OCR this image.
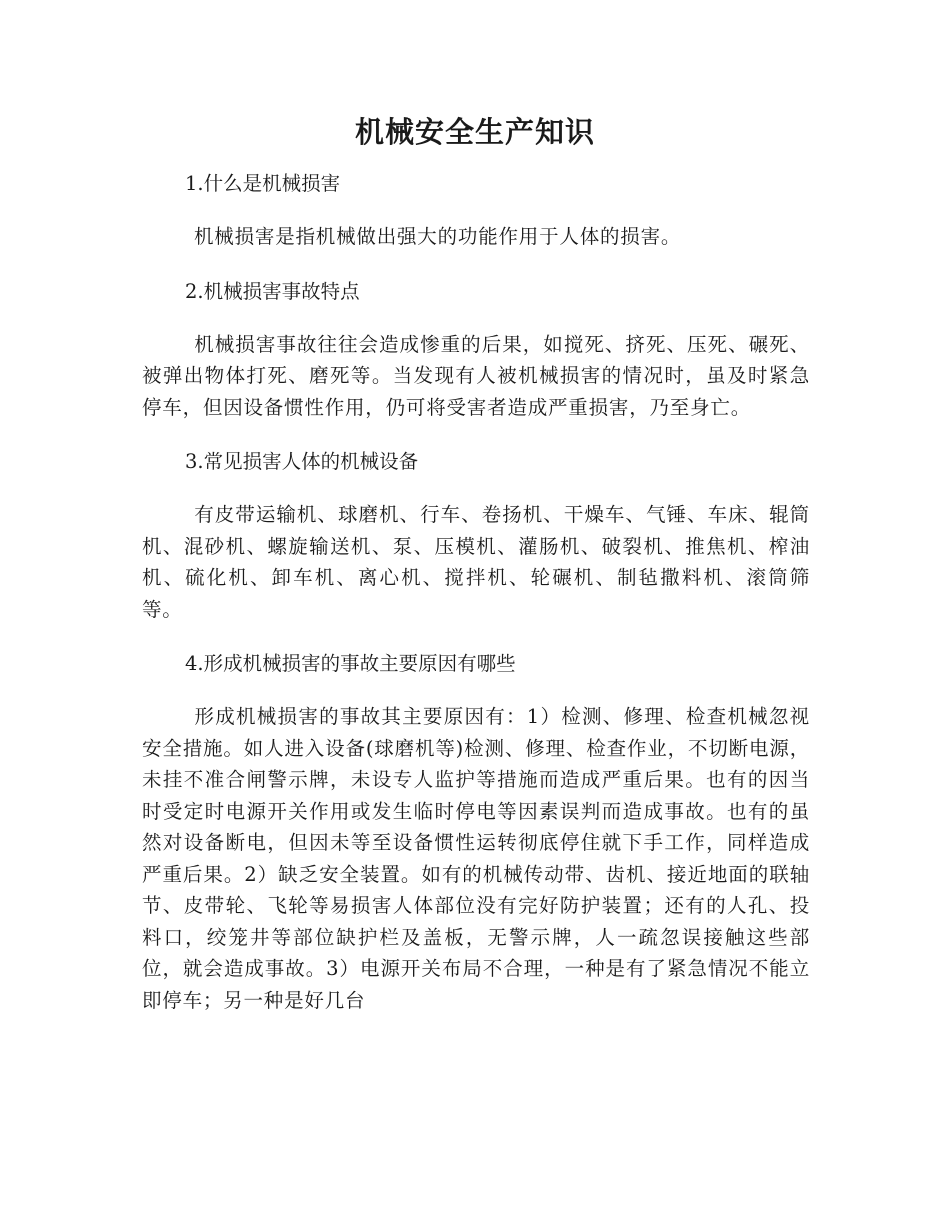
机械安全生产知识

1.什么是机械损害

机械损害是指机械做出强大的功能作用于人体的损害。

2.机械损害事故特点

机械损害事故往往会造成惨重的后果，如搅死、挤死、压死、碾死、被弹出物体打死、磨死等。当发现有人被机械损害的情况时，虽及时紧急停车，但因设备惯性作用，仍可将受害者造成严重损害，乃至身亡。

3.常见损害人体的机械设备

有皮带运输机、球磨机、行车、卷扬机、干燥车、气锤、车床、辊筒机、混砂机、螺旋输送机、泵、压模机、灌肠机、破裂机、推焦机、榨油机、硫化机、卸车机、离心机、搅拌机、轮碾机、制毡撒料机、滚筒筛等。

4.形成机械损害的事故主要原因有哪些

形成机械损害的事故其主要原因有：1）检测、修理、检查机械忽视安全措施。如人进入设备(球磨机等)检测、修理、检查作业，不切断电源，未挂不准合闸警示牌，未设专人监护等措施而造成严重后果。也有的因当时受定时电源开关作用或发生临时停电等因素误判而造成事故。也有的虽然对设备断电，但因未等至设备惯性运转彻底停住就下手工作，同样造成严重后果。2）缺乏安全装置。如有的机械传动带、齿机、接近地面的联轴节、皮带轮、飞轮等易损害人体部位没有完好防护装置；还有的人孔、投料口，绞笼井等部位缺护栏及盖板，无警示牌，人一疏忽误接触这些部位，就会造成事故。3）电源开关布局不合理，一种是有了紧急情况不能立即停车；另一种是好几台
